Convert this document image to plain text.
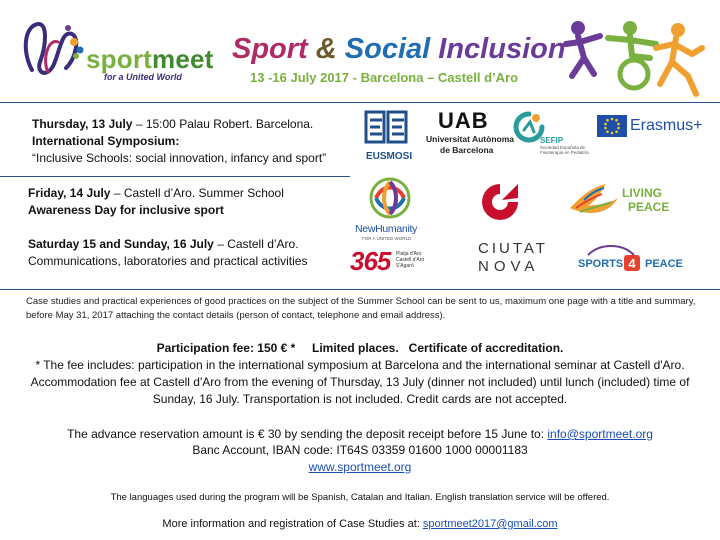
sportmeet
for a United World
Sport & Social Inclusion
13 -16 July 2017 - Barcelona – Castell d’Aro
Thursday, 13 July – 15:00 Palau Robert. Barcelona.
International Symposium:
“Inclusive Schools: social innovation, infancy and sport”
Friday, 14 July – Castell d’Aro. Summer School
Awareness Day for inclusive sport
Saturday 15 and Sunday, 16 July – Castell d’Aro.
Communications, laboratories and practical activities
EUSMOSI
UAB
Universitat Autònoma
de Barcelona
SEFIP
Sociedad Española de Fisioterapia en Pediatría
Erasmus+
NewHumanity
FOR A UNITED WORLD
LIVING
PEACE
365 Platja d'Aro Castell d'Aro S'Agaró
CIUTAT
NOVA	SPORTS 4 PEACE
Case studies and practical experiences of good practices on the subject of the Summer School can be sent to us, maximum one page with a title and summary, before May 31, 2017 attaching the contact details (person of contact, telephone and email address).
Participation fee: 150 € *     Limited places.   Certificate of accreditation.
* The fee includes: participation in the international symposium at Barcelona and the international seminar at Castell d'Aro. Accommodation fee at Castell d'Aro from the evening of Thursday, 13 July (dinner not included) until lunch (included) time of Sunday, 16 July. Transportation is not included. Credit cards are not accepted.
The advance reservation amount is € 30 by sending the deposit receipt before 15 June to: info@sportmeet.org
Banc Account, IBAN code: IT64S 03359 01600 1000 00001183
www.sportmeet.org
The languages used during the program will be Spanish, Catalan and Italian. English translation service will be offered.
More information and registration of Case Studies at: sportmeet2017@gmail.com
